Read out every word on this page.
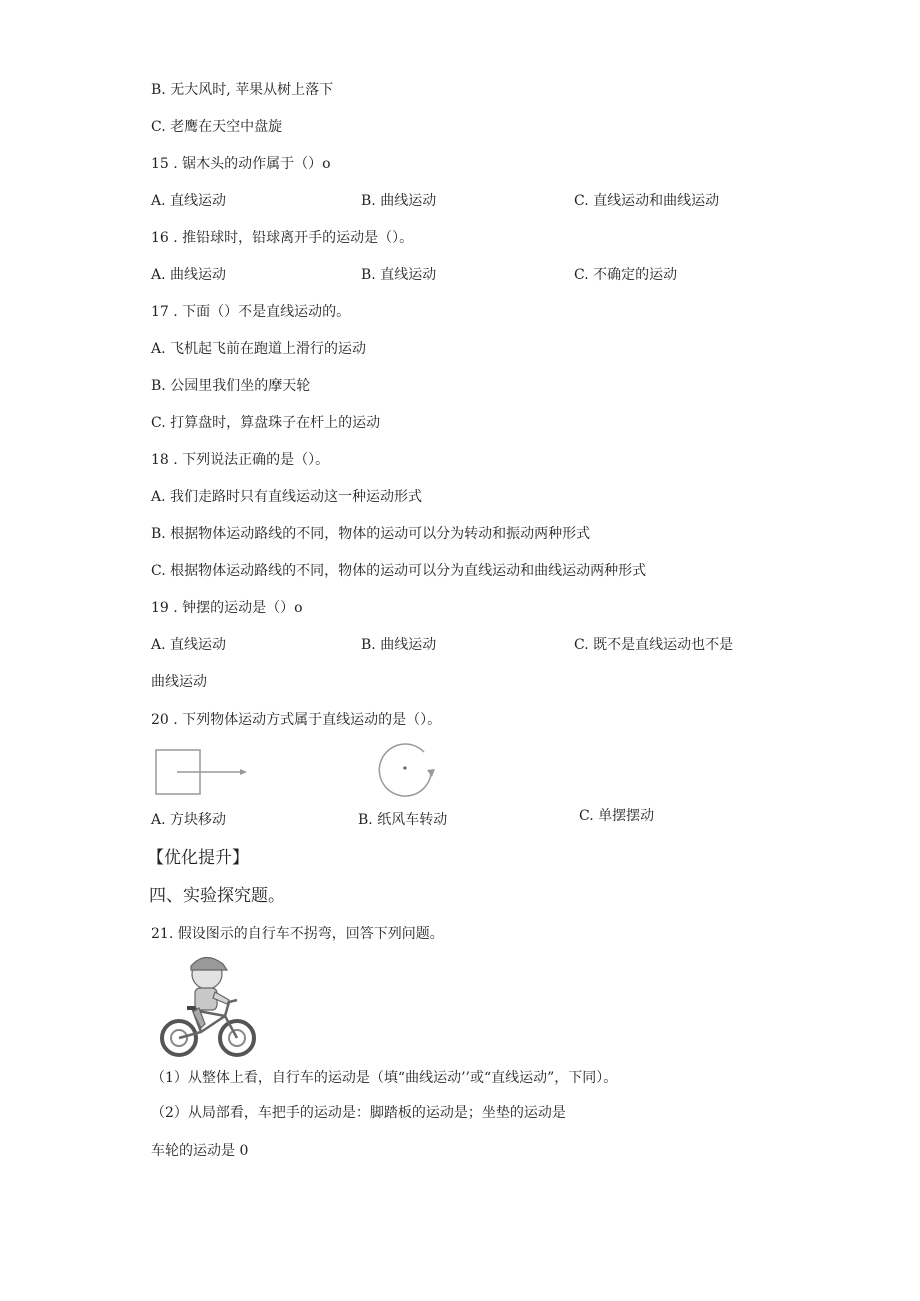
B. 无大风时, 苹果从树上落下
C. 老鹰在天空中盘旋
15 . 锯木头的动作属于（）o
A. 直线运动	B. 曲线运动	C. 直线运动和曲线运动
16 . 推铅球时，铅球离开手的运动是（）。
A. 曲线运动	B. 直线运动	C. 不确定的运动
17 . 下面（）不是直线运动的。
A. 飞机起飞前在跑道上滑行的运动
B. 公园里我们坐的摩天轮
C. 打算盘时，算盘珠子在杆上的运动
18 . 下列说法正确的是（）。
A. 我们走路时只有直线运动这一种运动形式
B. 根据物体运动路线的不同，物体的运动可以分为转动和振动两种形式
C. 根据物体运动路线的不同，物体的运动可以分为直线运动和曲线运动两种形式
19 . 钟摆的运动是（）o
A. 直线运动	B. 曲线运动	C. 既不是直线运动也不是
曲线运动
20 . 下列物体运动方式属于直线运动的是（）。
A. 方块移动	B. 纸风车转动	C. 单摆摆动
【优化提升】
四、实验探究题。
21. 假设图示的自行车不拐弯，回答下列问题。
（1）从整体上看，自行车的运动是（填“曲线运动’’或“直线运动”，下同）。
（2）从局部看，车把手的运动是：脚踏板的运动是；坐垫的运动是
车轮的运动是 0
